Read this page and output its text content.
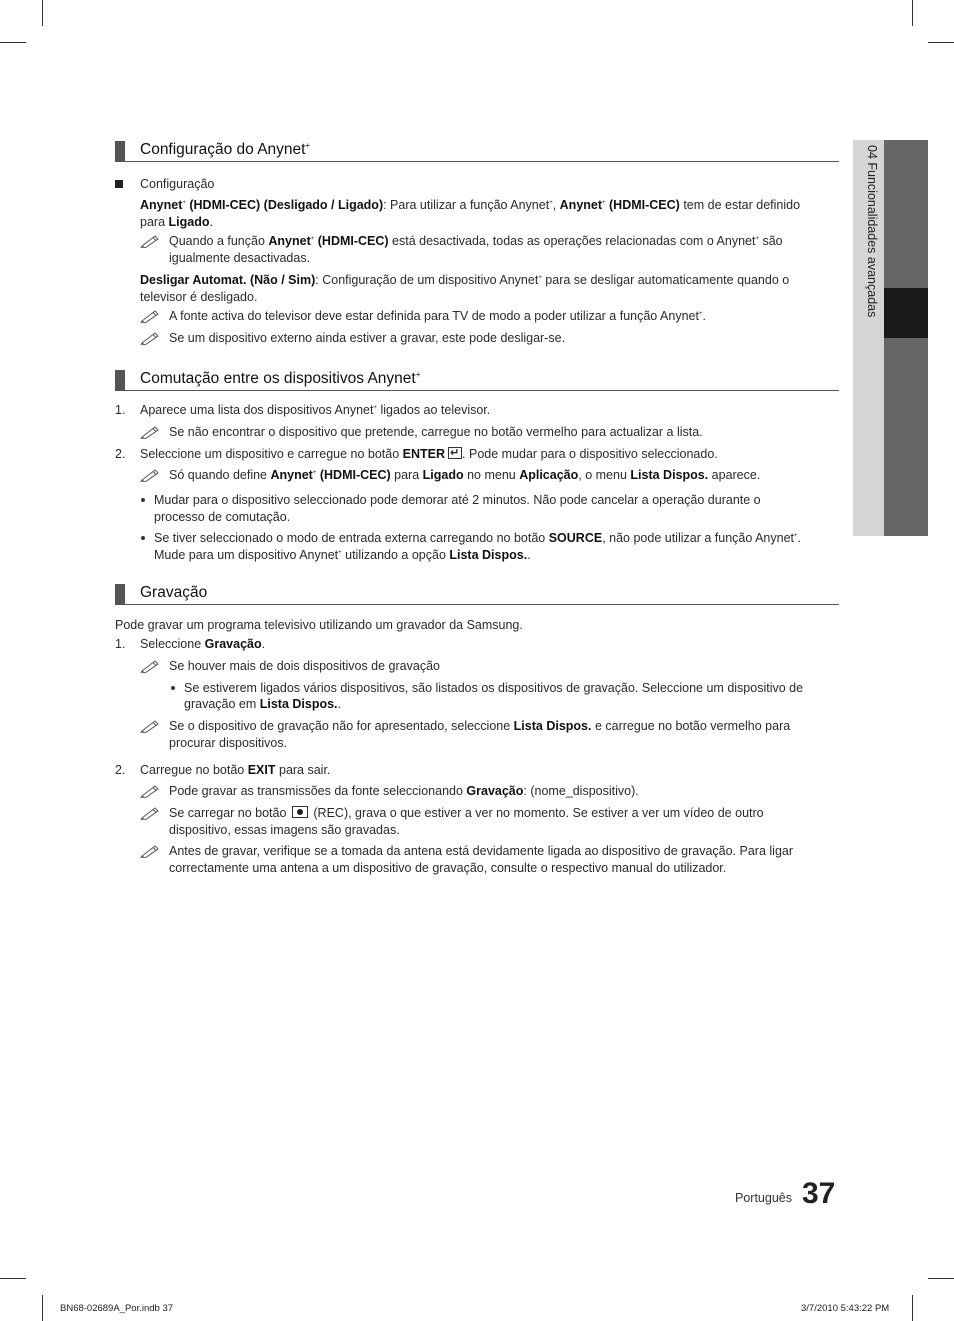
04 Funcionalidades avançadas
Configuração do Anynet+
Configuração
Anynet+ (HDMI-CEC) (Desligado / Ligado): Para utilizar a função Anynet+, Anynet+ (HDMI-CEC) tem de estar definido
para Ligado.
Quando a função Anynet+ (HDMI-CEC) está desactivada, todas as operações relacionadas com o Anynet+ são
igualmente desactivadas.
Desligar Automat. (Não / Sim): Configuração de um dispositivo Anynet+ para se desligar automaticamente quando o
televisor é desligado.
A fonte activa do televisor deve estar definida para TV de modo a poder utilizar a função Anynet+.
Se um dispositivo externo ainda estiver a gravar, este pode desligar-se.
Comutação entre os dispositivos Anynet+
1. Aparece uma lista dos dispositivos Anynet+ ligados ao televisor.
Se não encontrar o dispositivo que pretende, carregue no botão vermelho para actualizar a lista.
2. Seleccione um dispositivo e carregue no botão ENTER↵ . Pode mudar para o dispositivo seleccionado.
Só quando define Anynet+ (HDMI-CEC) para Ligado no menu Aplicação, o menu Lista Dispos. aparece.
Mudar para o dispositivo seleccionado pode demorar até 2 minutos. Não pode cancelar a operação durante o
processo de comutação.
Se tiver seleccionado o modo de entrada externa carregando no botão SOURCE, não pode utilizar a função Anynet+.
Mude para um dispositivo Anynet+ utilizando a opção Lista Dispos..
Gravação
Pode gravar um programa televisivo utilizando um gravador da Samsung.
1. Seleccione Gravação.
Se houver mais de dois dispositivos de gravação
Se estiverem ligados vários dispositivos, são listados os dispositivos de gravação. Seleccione um dispositivo de
gravação em Lista Dispos..
Se o dispositivo de gravação não for apresentado, seleccione Lista Dispos. e carregue no botão vermelho para
procurar dispositivos.
2. Carregue no botão EXIT para sair.
Pode gravar as transmissões da fonte seleccionando Gravação: (nome_dispositivo).
Se carregar no botão  (REC), grava o que estiver a ver no momento. Se estiver a ver um vídeo de outro
dispositivo, essas imagens são gravadas.
Antes de gravar, verifique se a tomada da antena está devidamente ligada ao dispositivo de gravação. Para ligar
correctamente uma antena a um dispositivo de gravação, consulte o respectivo manual do utilizador.
Português 37
BN68-02689A_Por.indb 37	3/7/2010 5:43:22 PM
